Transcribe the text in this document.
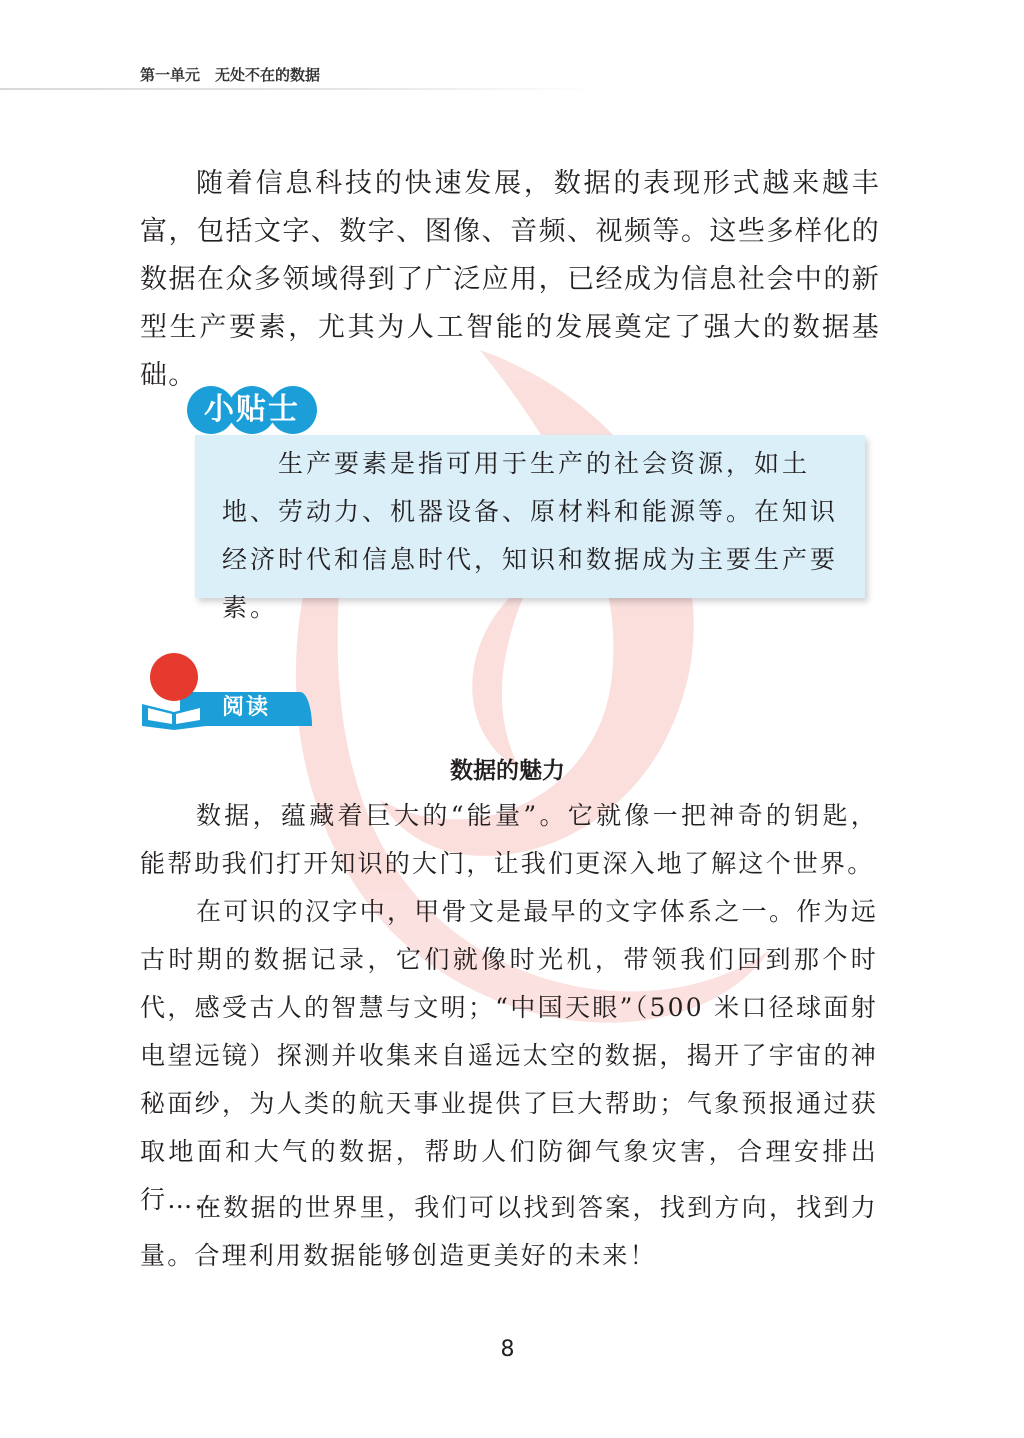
第一单元　无处不在的数据

随着信息科技的快速发展，数据的表现形式越来越丰富，包括文字、数字、图像、音频、视频等。这些多样化的数据在众多领域得到了广泛应用，已经成为信息社会中的新型生产要素，尤其为人工智能的发展奠定了强大的数据基础。

生产要素是指可用于生产的社会资源，如土地、劳动力、机器设备、原材料和能源等。在知识经济时代和信息时代，知识和数据成为主要生产要素。

小贴士
阅读
数据的魅力

数据，蕴藏着巨大的“能量”。它就像一把神奇的钥匙，能帮助我们打开知识的大门，让我们更深入地了解这个世界。

在可识的汉字中，甲骨文是最早的文字体系之一。作为远古时期的数据记录，它们就像时光机，带领我们回到那个时代，感受古人的智慧与文明；“中国天眼”（500 米口径球面射电望远镜）探测并收集来自遥远太空的数据，揭开了宇宙的神秘面纱，为人类的航天事业提供了巨大帮助；气象预报通过获取地面和大气的数据，帮助人们防御气象灾害，合理安排出行……

在数据的世界里，我们可以找到答案，找到方向，找到力量。合理利用数据能够创造更美好的未来！

8
